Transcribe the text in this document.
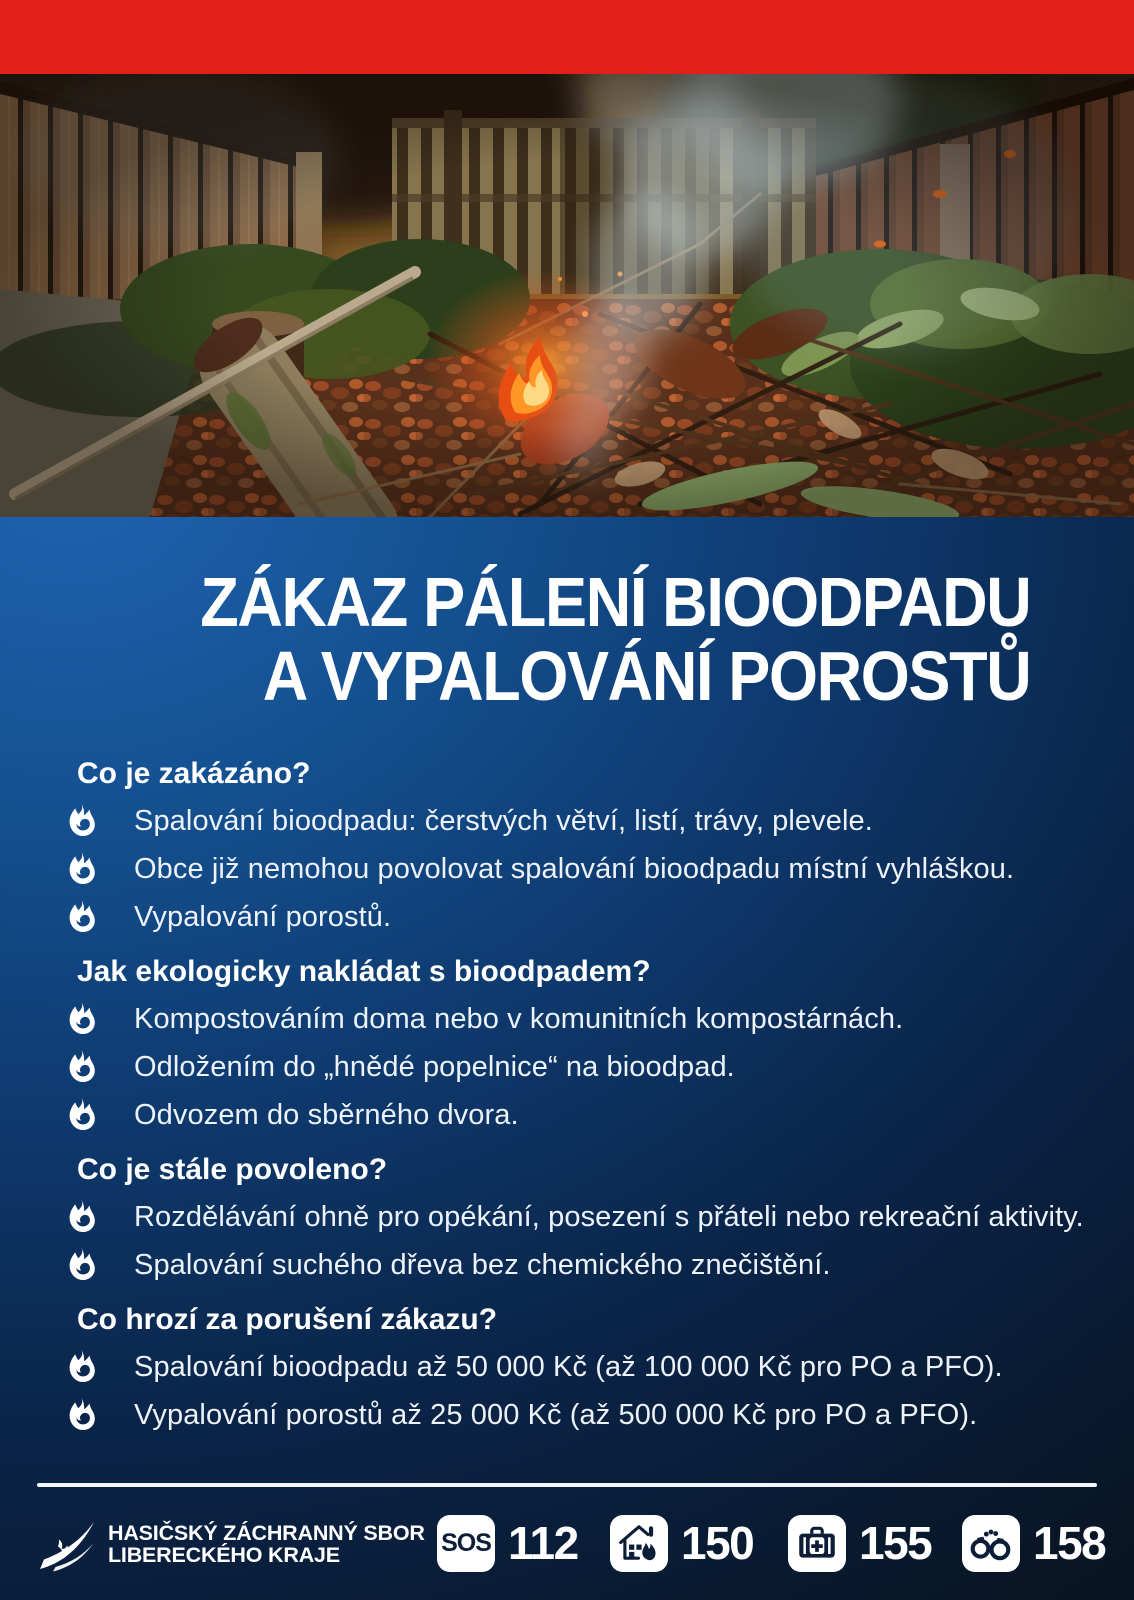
ZÁKAZ PÁLENÍ BIOODPADU
A VYPALOVÁNÍ POROSTŮ
Co je zakázáno?
Spalování bioodpadu: čerstvých větví, listí, trávy, plevele.
Obce již nemohou povolovat spalování bioodpadu místní vyhláškou.
Vypalování porostů.
Jak ekologicky nakládat s bioodpadem?
Kompostováním doma nebo v komunitních kompostárnách.
Odložením do „hnědé popelnice“ na bioodpad.
Odvozem do sběrného dvora.
Co je stále povoleno?
Rozdělávání ohně pro opékání, posezení s přáteli nebo rekreační aktivity.
Spalování suchého dřeva bez chemického znečištění.
Co hrozí za porušení zákazu?
Spalování bioodpadu až 50 000 Kč (až 100 000 Kč pro PO a PFO).
Vypalování porostů až 25 000 Kč (až 500 000 Kč pro PO a PFO).
HASIČSKÝ ZÁCHRANNÝ SBOR
LIBERECKÉHO KRAJE	SOS 112 150 155 158
